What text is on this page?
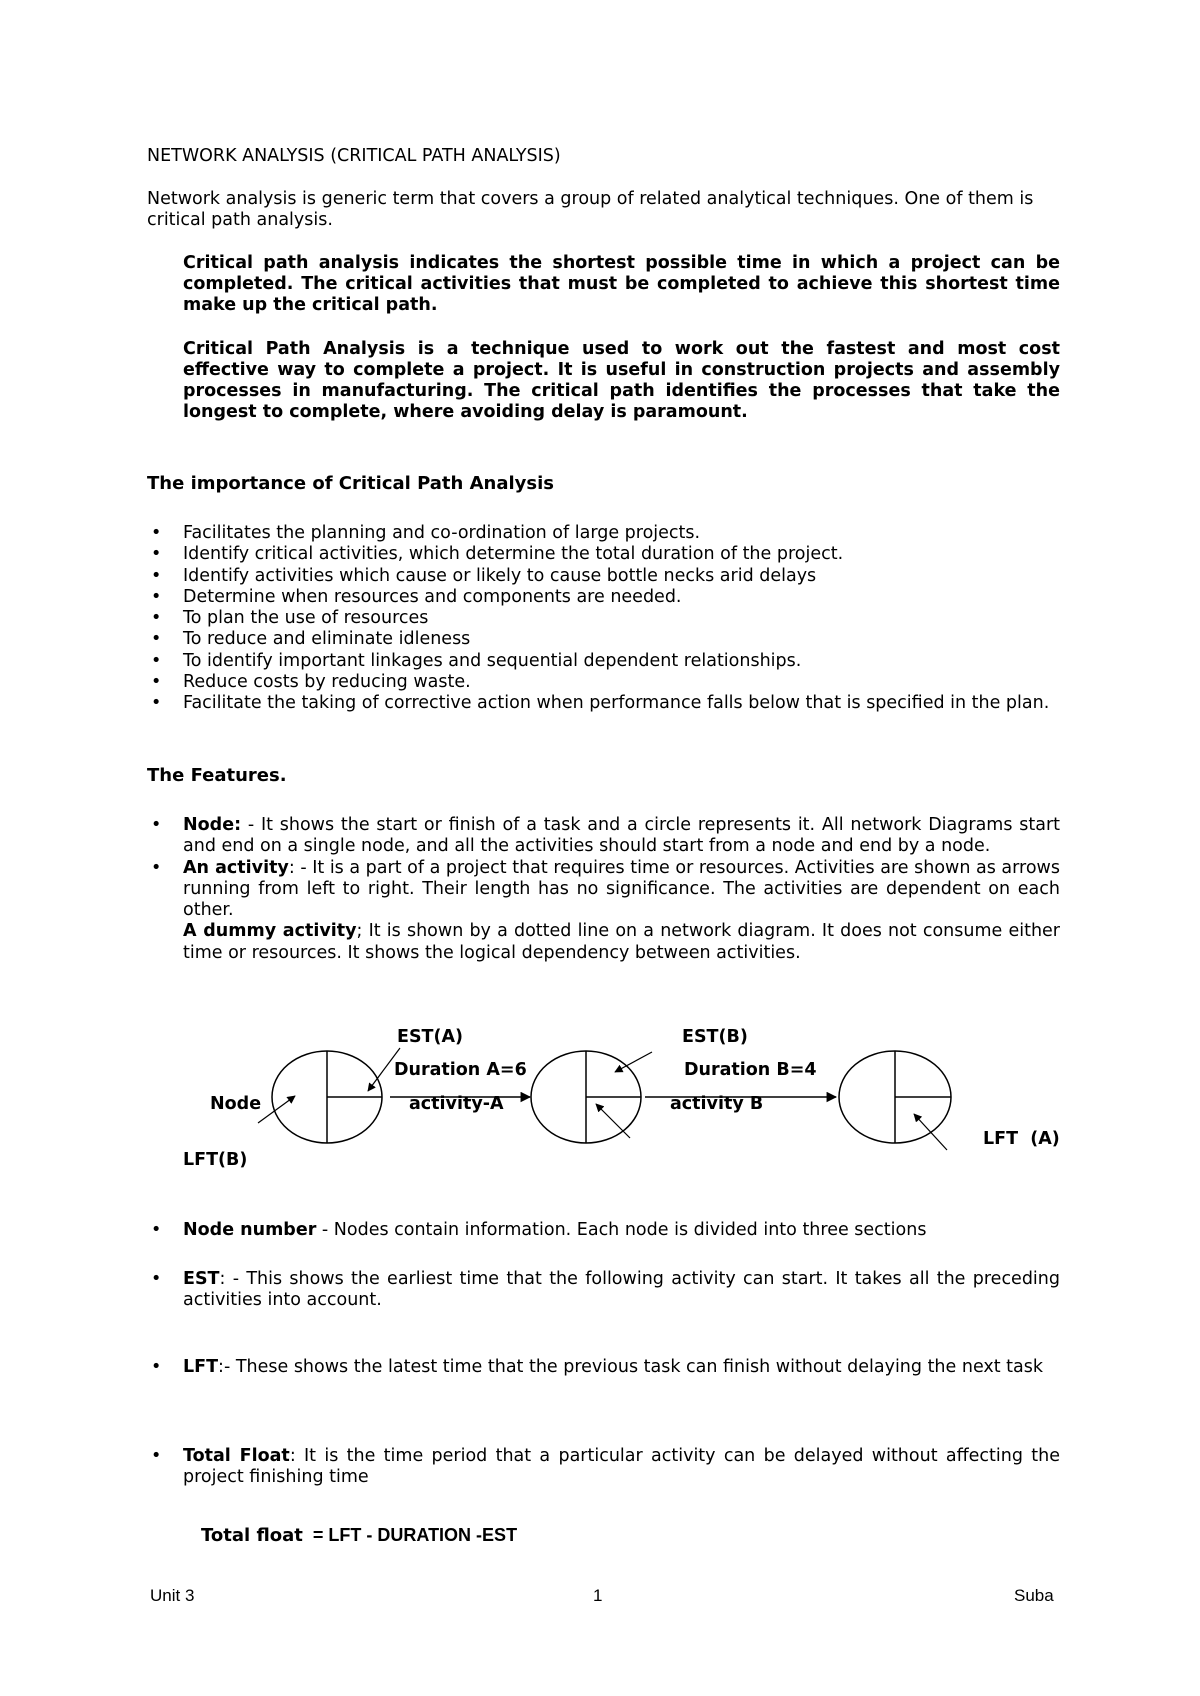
NETWORK ANALYSIS (CRITICAL PATH ANALYSIS)
Network analysis is generic term that covers a group of related analytical techniques. One of them is critical path analysis.
Critical path analysis indicates the shortest possible time in which a project can be completed. The critical activities that must be completed to achieve this shortest time make up the critical path.
Critical Path Analysis is a technique used to work out the fastest and most cost effective way to complete a project. It is useful in construction projects and assembly processes in manufacturing. The critical path identifies the processes that take the longest to complete, where avoiding delay is paramount.
The importance of Critical Path Analysis
• Facilitates the planning and co-ordination of large projects.
• Identify critical activities, which determine the total duration of the project.
• Identify activities which cause or likely to cause bottle necks arid delays
• Determine when resources and components are needed.
• To plan the use of resources
• To reduce and eliminate idleness
• To identify important linkages and sequential dependent relationships.
• Reduce costs by reducing waste.
• Facilitate the taking of corrective action when performance falls below that is specified in the plan.
The Features.
• Node: - It shows the start or finish of a task and a circle represents it. All network Diagrams start and end on a single node, and all the activities should start from a node and end by a node.
• An activity: - It is a part of a project that requires time or resources. Activities are shown as arrows running from left to right. Their length has no significance. The activities are dependent on each other.
A dummy activity; It is shown by a dotted line on a network diagram. It does not consume either time or resources. It shows the logical dependency between activities.
EST(A)	EST(B)
Duration A=6	Duration B=4
Node	activity-A	activity B
LFT  (A)
LFT(B)
• Node number - Nodes contain information. Each node is divided into three sections
• EST: - This shows the earliest time that the following activity can start. It takes all the preceding activities into account.
• LFT:- These shows the latest time that the previous task can finish without delaying the next task
• Total Float: It is the time period that a particular activity can be delayed without affecting the project finishing time
Total float  = LFT - DURATION -EST
Unit 3	1	Suba
